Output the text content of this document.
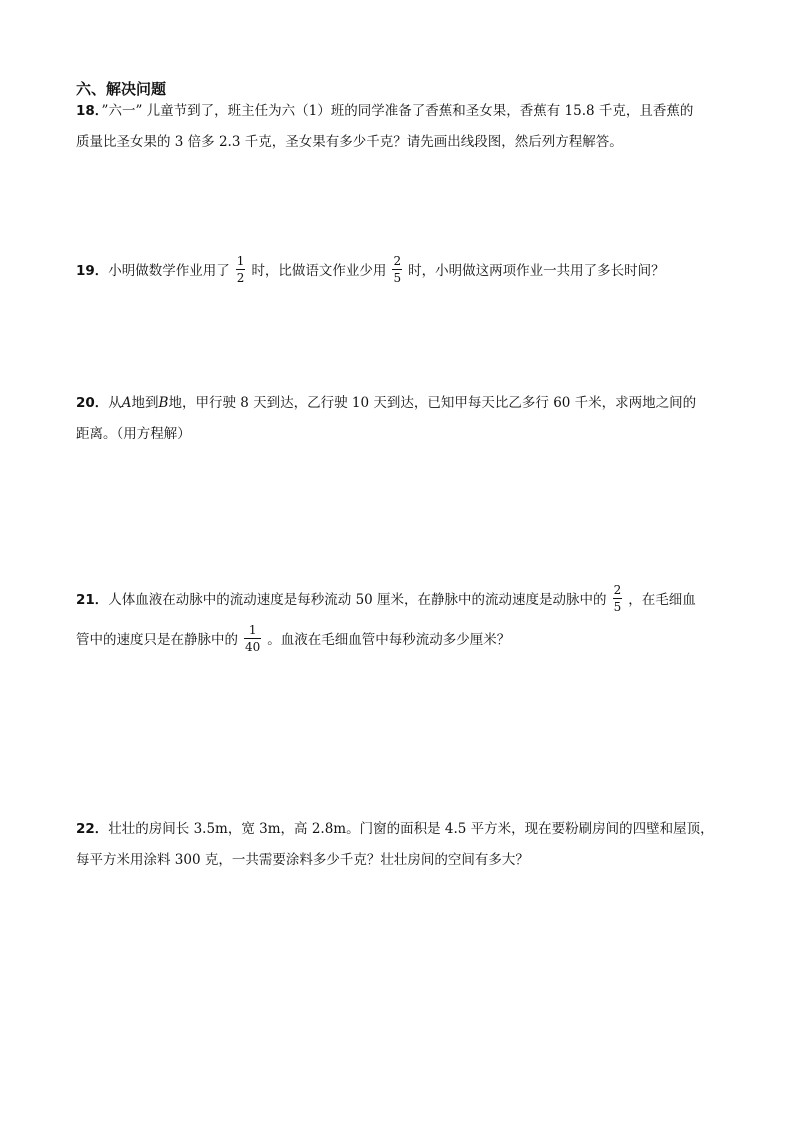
六、解决问题
18．”六一” 儿童节到了，班主任为六（1）班的同学准备了香蕉和圣女果，香蕉有 15.8 千克，且香蕉的
质量比圣女果的 3 倍多 2.3 千克，圣女果有多少千克？请先画出线段图，然后列方程解答。
19．小明做数学作业用了 $\frac{1}{2}$ 时，比做语文作业少用 $\frac{2}{5}$ 时，小明做这两项作业一共用了多长时间？
20．从A地到B地，甲行驶 8 天到达，乙行驶 10 天到达，已知甲每天比乙多行 60 千米，求两地之间的
距离。（用方程解）
21．人体血液在动脉中的流动速度是每秒流动 50 厘米，在静脉中的流动速度是动脉中的 $\frac{2}{5}$ ，在毛细血
管中的速度只是在静脉中的 $\frac{1}{40}$ 。血液在毛细血管中每秒流动多少厘米？
22．壮壮的房间长 3.5m，宽 3m，高 2.8m。门窗的面积是 4.5 平方米，现在要粉刷房间的四壁和屋顶，
每平方米用涂料 300 克，一共需要涂料多少千克？壮壮房间的空间有多大？
